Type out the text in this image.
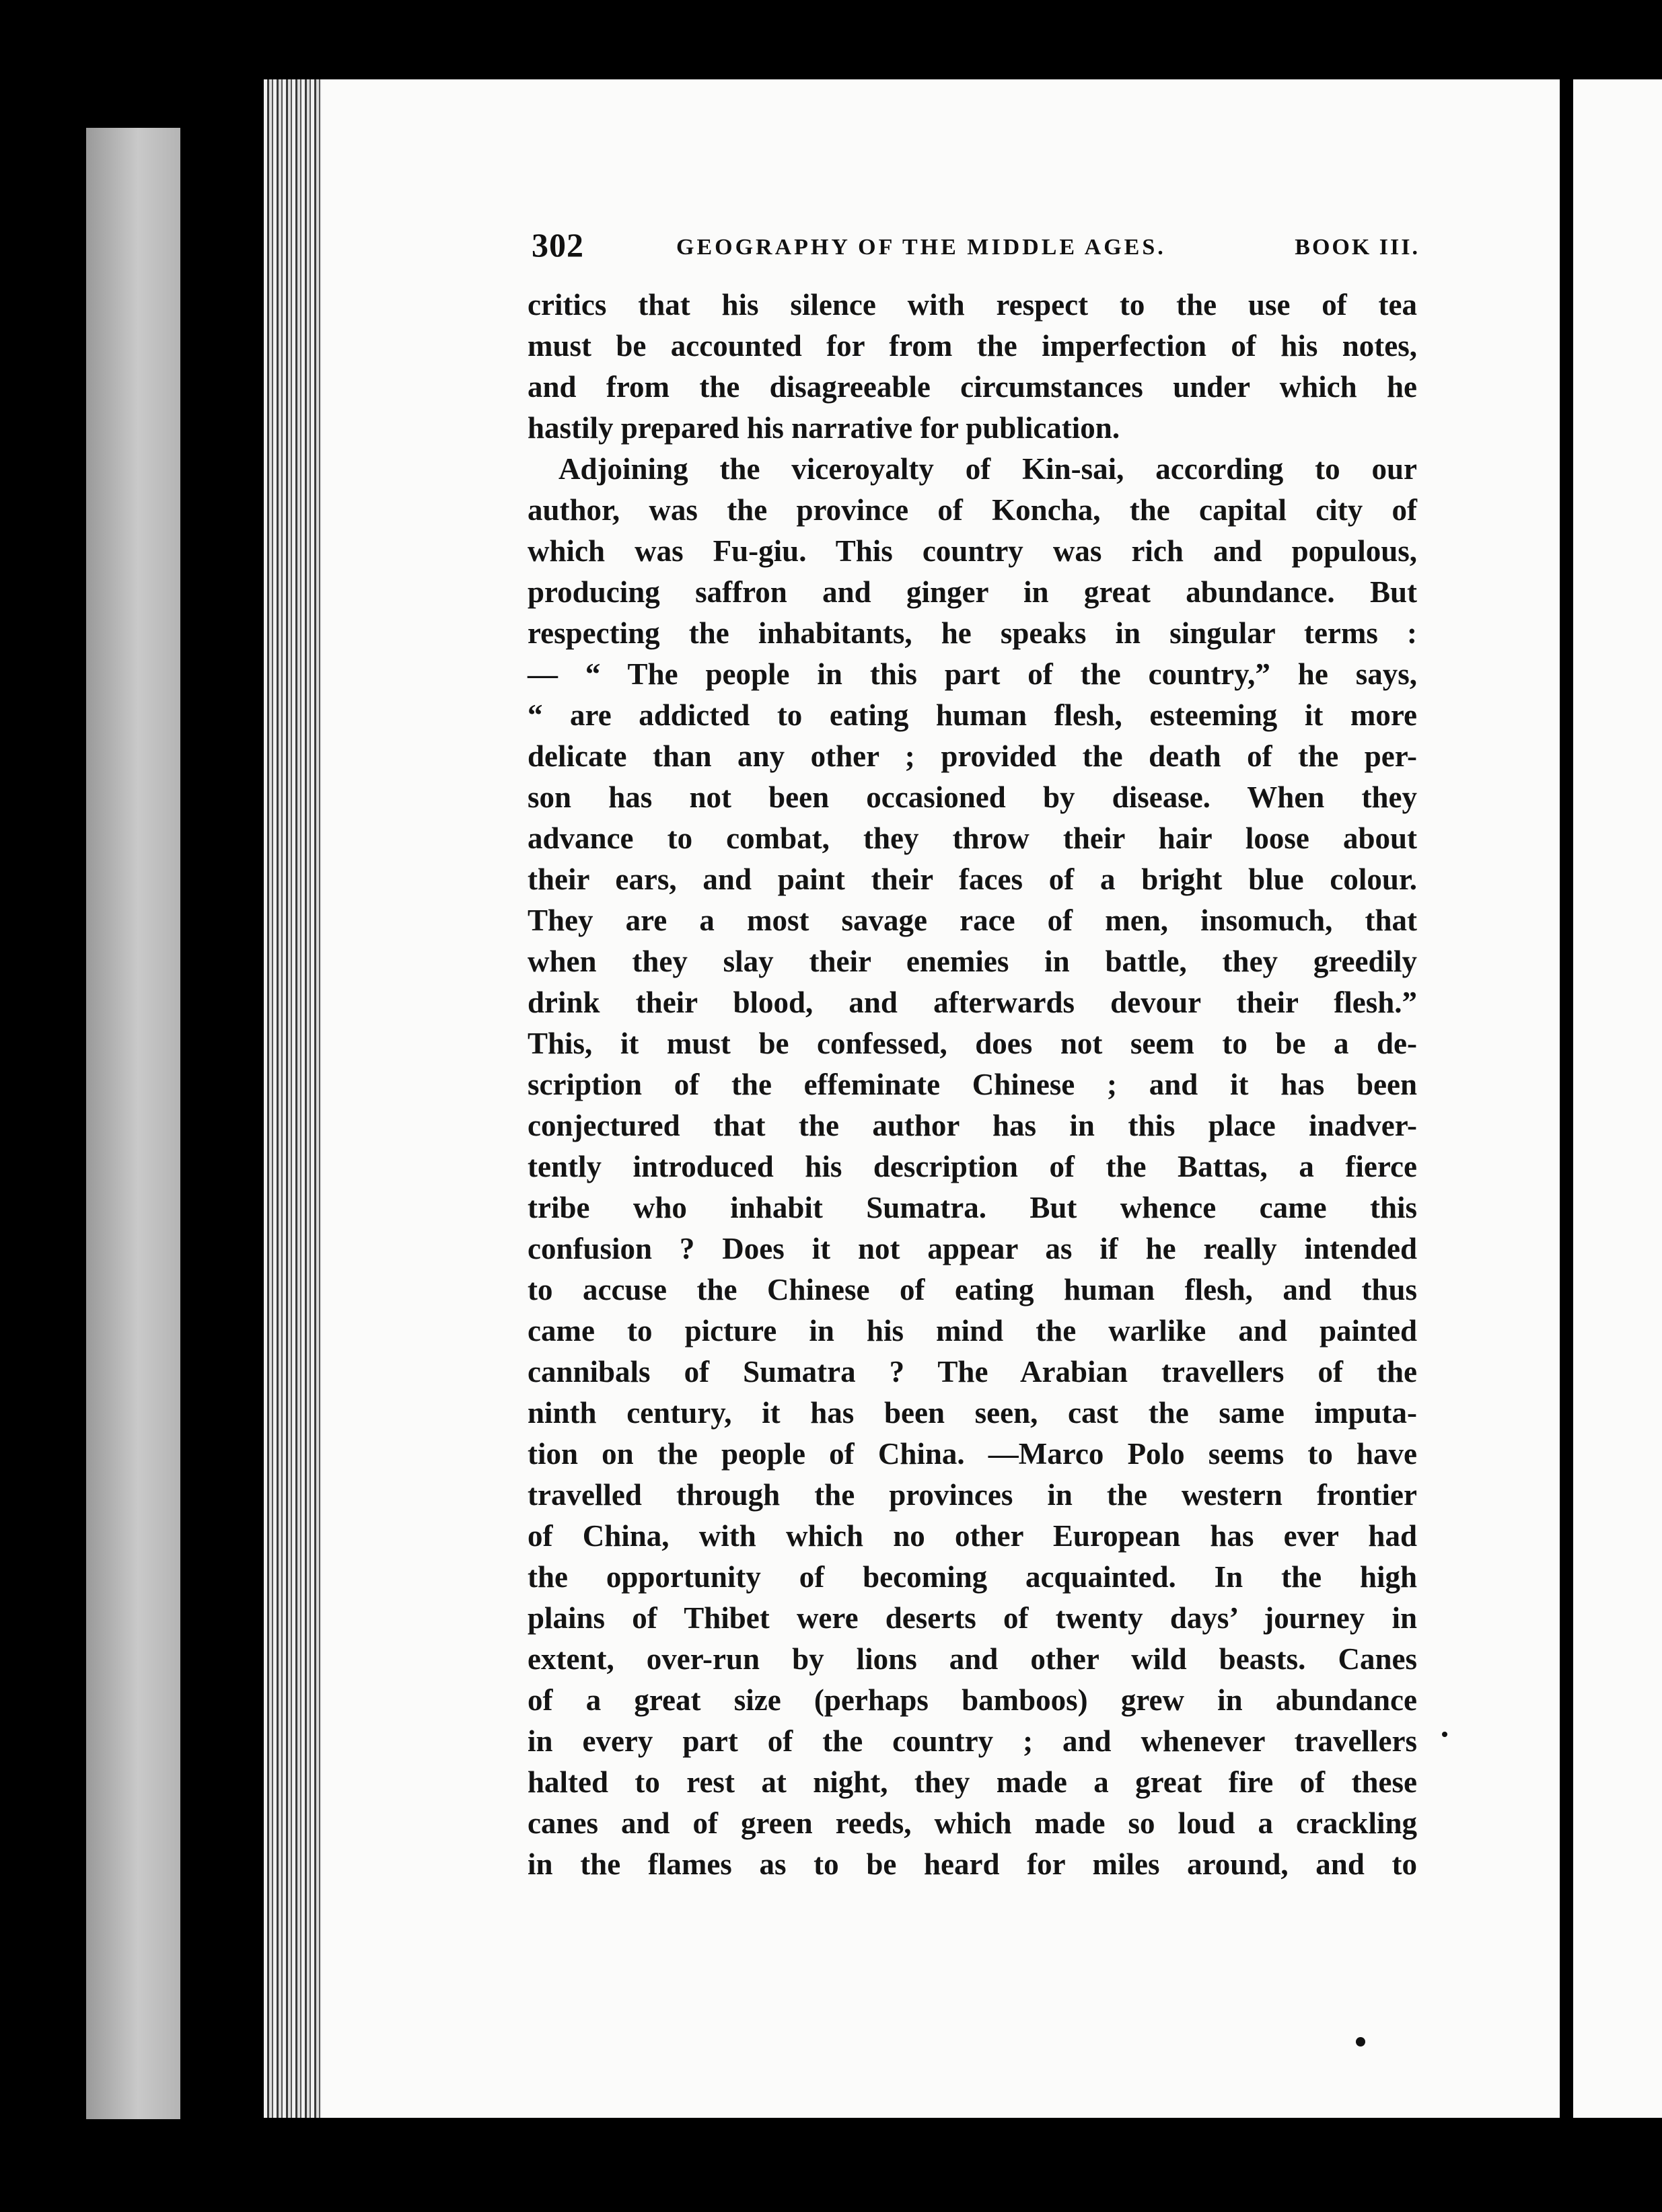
302	GEOGRAPHY OF THE MIDDLE AGES.	BOOK III.
critics that his silence with respect to the use of tea
must be accounted for from the imperfection of his notes,
and from the disagreeable circumstances under which he
hastily prepared his narrative for publication.
Adjoining the viceroyalty of Kin-sai, according to our
author, was the province of Koncha, the capital city of
which was Fu-giu. This country was rich and populous,
producing saffron and ginger in great abundance. But
respecting the inhabitants, he speaks in singular terms :
— “ The people in this part of the country,” he says,
“ are addicted to eating human flesh, esteeming it more
delicate than any other ; provided the death of the per-
son has not been occasioned by disease. When they
advance to combat, they throw their hair loose about
their ears, and paint their faces of a bright blue colour.
They are a most savage race of men, insomuch, that
when they slay their enemies in battle, they greedily
drink their blood, and afterwards devour their flesh.”
This, it must be confessed, does not seem to be a de-
scription of the effeminate Chinese ; and it has been
conjectured that the author has in this place inadver-
tently introduced his description of the Battas, a fierce
tribe who inhabit Sumatra. But whence came this
confusion ? Does it not appear as if he really intended
to accuse the Chinese of eating human flesh, and thus
came to picture in his mind the warlike and painted
cannibals of Sumatra ? The Arabian travellers of the
ninth century, it has been seen, cast the same imputa-
tion on the people of China. —Marco Polo seems to have
travelled through the provinces in the western frontier
of China, with which no other European has ever had
the opportunity of becoming acquainted. In the high
plains of Thibet were deserts of twenty days’ journey in
extent, over-run by lions and other wild beasts. Canes
of a great size (perhaps bamboos) grew in abundance
in every part of the country ; and whenever travellers
halted to rest at night, they made a great fire of these
canes and of green reeds, which made so loud a crackling
in the flames as to be heard for miles around, and to
